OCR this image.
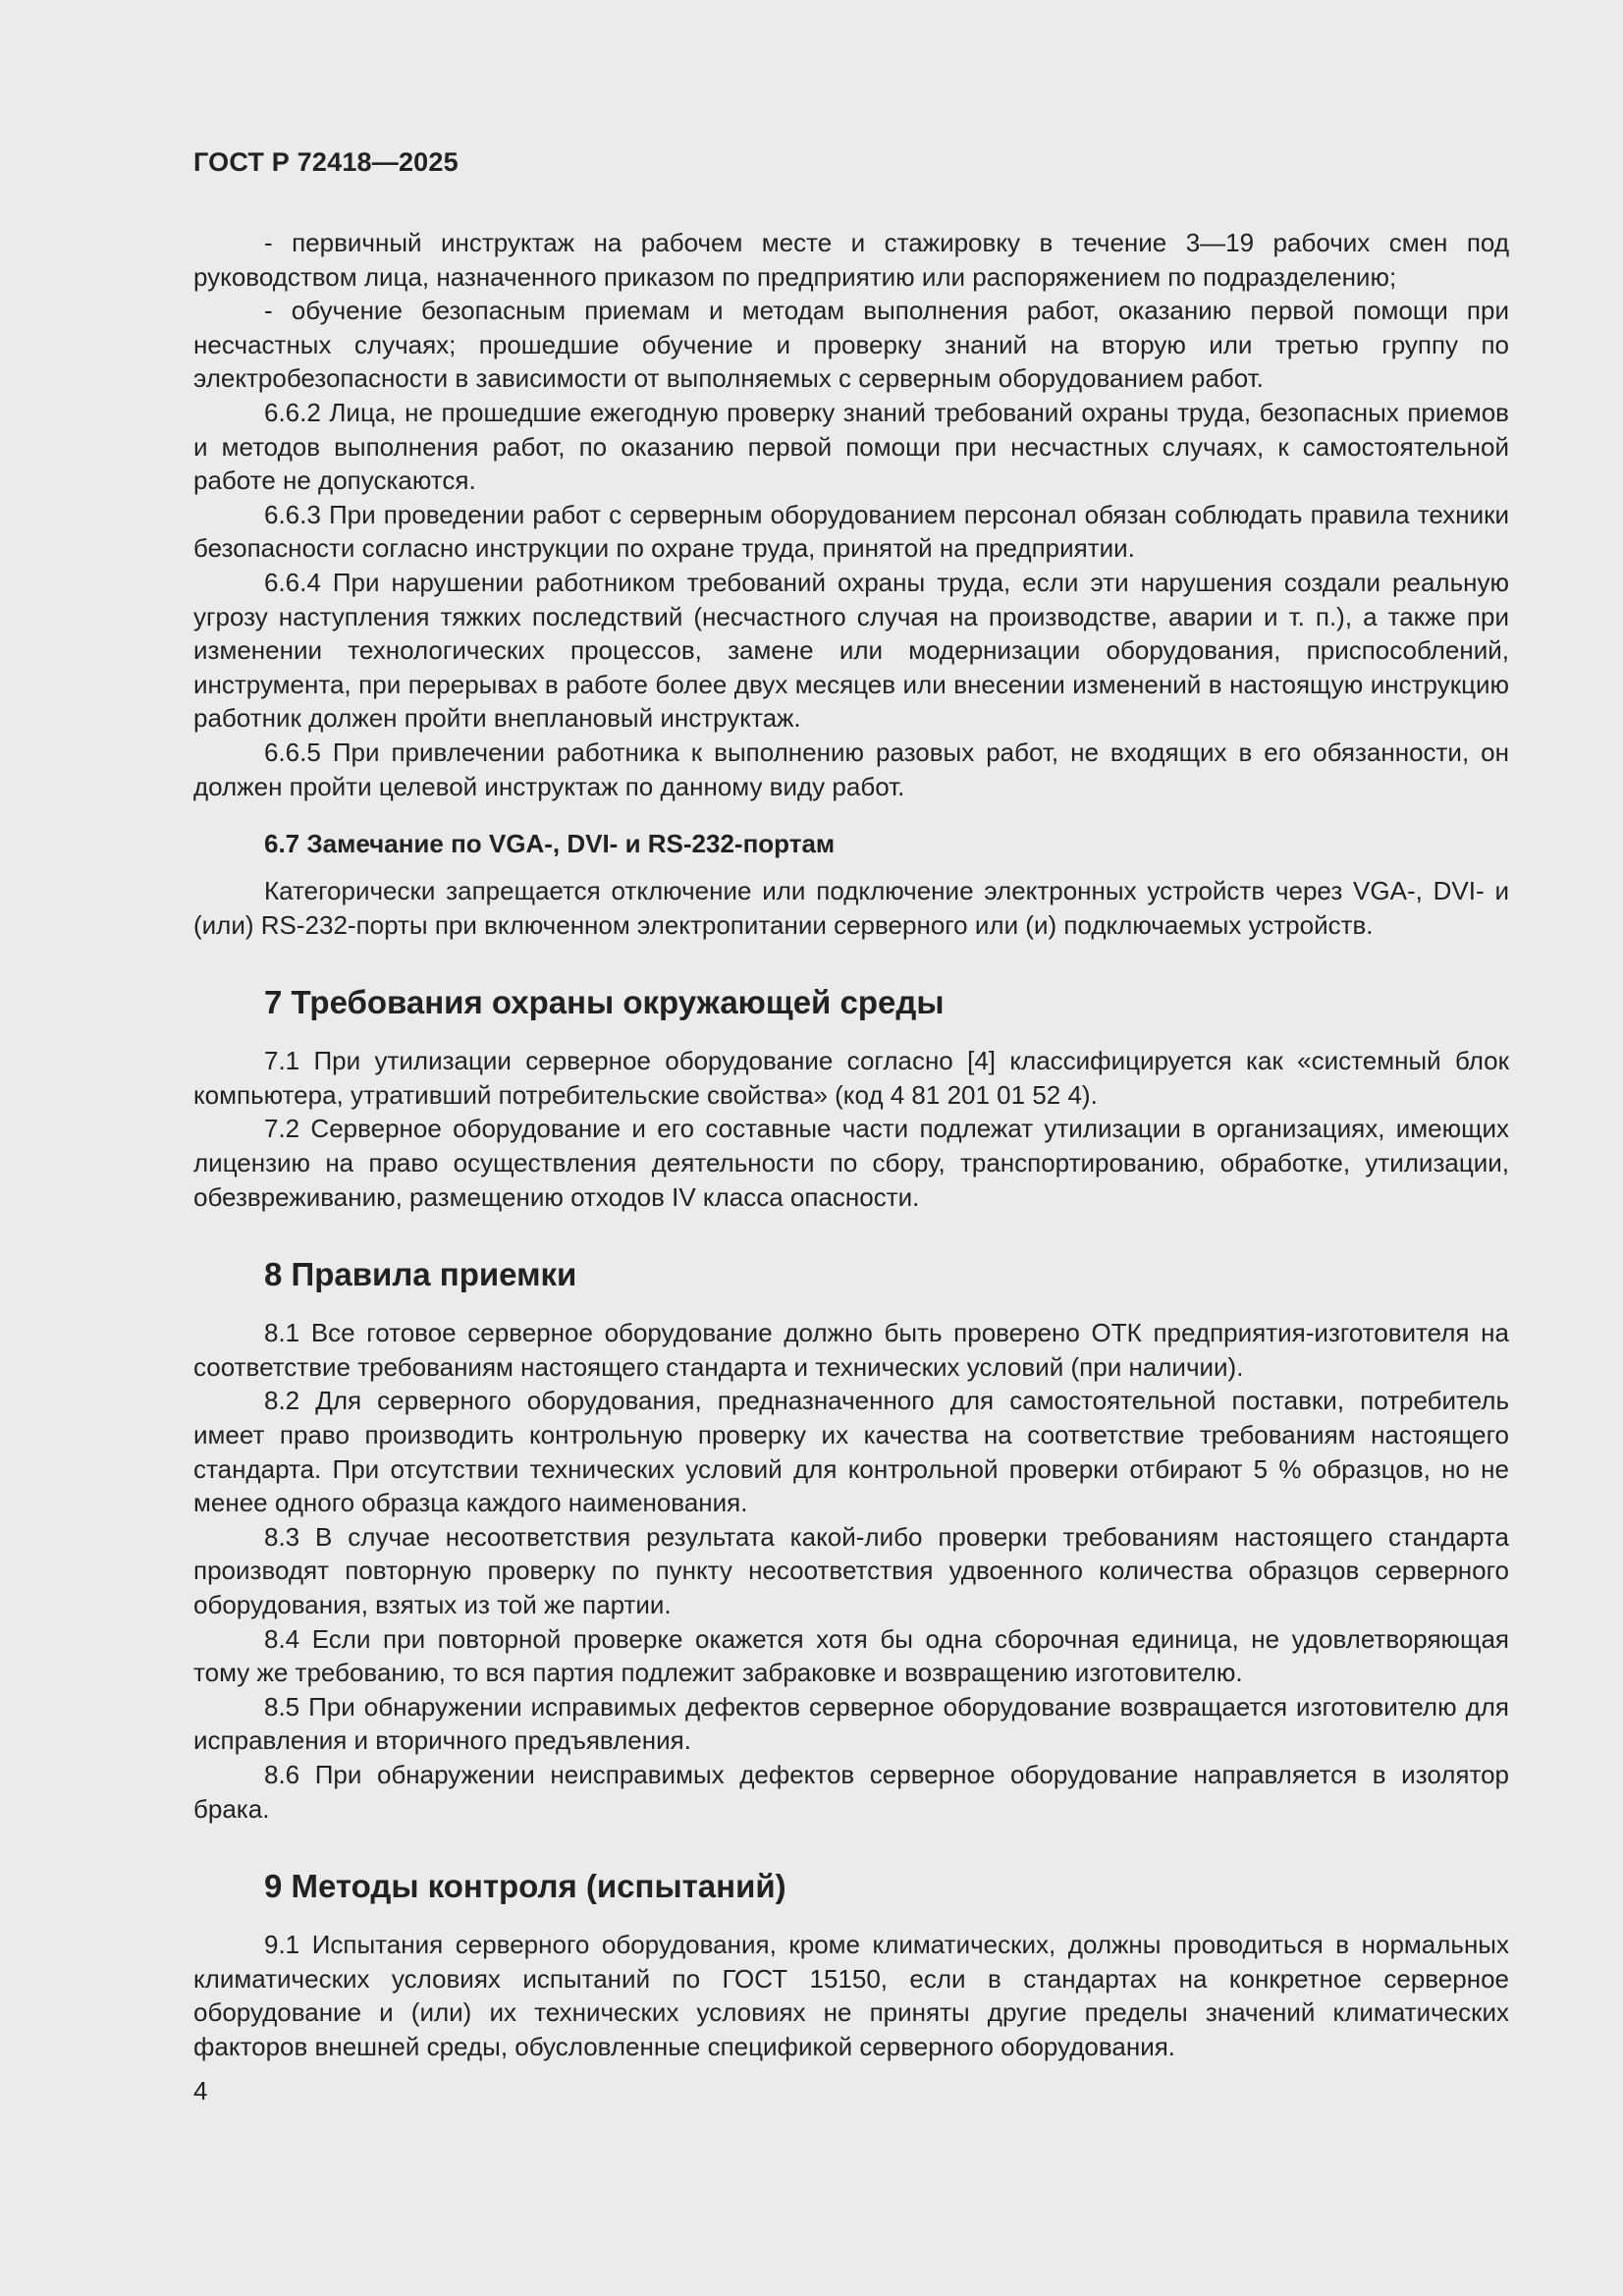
ГОСТ Р 72418—2025

- первичный инструктаж на рабочем месте и стажировку в течение 3—19 рабочих смен под руководством лица, назначенного приказом по предприятию или распоряжением по подразделению;

- обучение безопасным приемам и методам выполнения работ, оказанию первой помощи при несчастных случаях; прошедшие обучение и проверку знаний на вторую или третью группу по электробезопасности в зависимости от выполняемых с серверным оборудованием работ.

6.6.2 Лица, не прошедшие ежегодную проверку знаний требований охраны труда, безопасных приемов и методов выполнения работ, по оказанию первой помощи при несчастных случаях, к самостоятельной работе не допускаются.

6.6.3 При проведении работ с серверным оборудованием персонал обязан соблюдать правила техники безопасности согласно инструкции по охране труда, принятой на предприятии.

6.6.4 При нарушении работником требований охраны труда, если эти нарушения создали реальную угрозу наступления тяжких последствий (несчастного случая на производстве, аварии и т. п.), а также при изменении технологических процессов, замене или модернизации оборудования, приспособлений, инструмента, при перерывах в работе более двух месяцев или внесении изменений в настоящую инструкцию работник должен пройти внеплановый инструктаж.

6.6.5 При привлечении работника к выполнению разовых работ, не входящих в его обязанности, он должен пройти целевой инструктаж по данному виду работ.

6.7 Замечание по VGA-, DVI- и RS-232-портам

Категорически запрещается отключение или подключение электронных устройств через VGA-, DVI- и (или) RS-232-порты при включенном электропитании серверного или (и) подключаемых устройств.

7 Требования охраны окружающей среды

7.1 При утилизации серверное оборудование согласно [4] классифицируется как «системный блок компьютера, утративший потребительские свойства» (код 4 81 201 01 52 4).

7.2 Серверное оборудование и его составные части подлежат утилизации в организациях, имеющих лицензию на право осуществления деятельности по сбору, транспортированию, обработке, утилизации, обезвреживанию, размещению отходов IV класса опасности.

8 Правила приемки

8.1 Все готовое серверное оборудование должно быть проверено ОТК предприятия-изготовителя на соответствие требованиям настоящего стандарта и технических условий (при наличии).

8.2 Для серверного оборудования, предназначенного для самостоятельной поставки, потребитель имеет право производить контрольную проверку их качества на соответствие требованиям настоящего стандарта. При отсутствии технических условий для контрольной проверки отбирают 5 % образцов, но не менее одного образца каждого наименования.

8.3 В случае несоответствия результата какой-либо проверки требованиям настоящего стандарта производят повторную проверку по пункту несоответствия удвоенного количества образцов серверного оборудования, взятых из той же партии.

8.4 Если при повторной проверке окажется хотя бы одна сборочная единица, не удовлетворяющая тому же требованию, то вся партия подлежит забраковке и возвращению изготовителю.

8.5 При обнаружении исправимых дефектов серверное оборудование возвращается изготовителю для исправления и вторичного предъявления.

8.6 При обнаружении неисправимых дефектов серверное оборудование направляется в изолятор брака.

9 Методы контроля (испытаний)

9.1 Испытания серверного оборудования, кроме климатических, должны проводиться в нормальных климатических условиях испытаний по ГОСТ 15150, если в стандартах на конкретное серверное оборудование и (или) их технических условиях не приняты другие пределы значений климатических факторов внешней среды, обусловленные спецификой серверного оборудования.

4
